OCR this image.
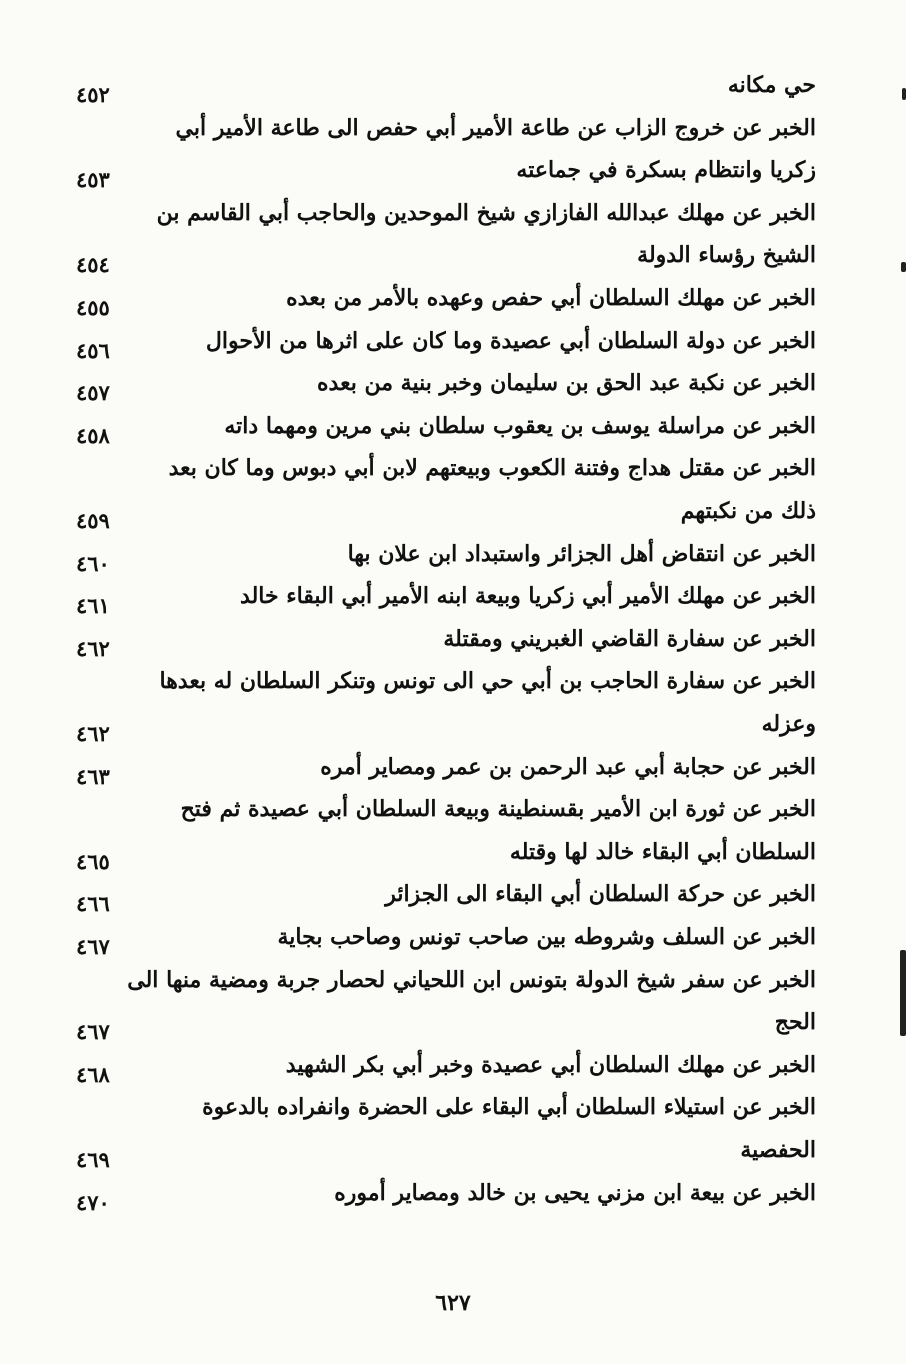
حي مكانه
٤٥٢
الخبر عن خروج الزاب عن طاعة الأمير أبي حفص الى طاعة الأمير أبي
زكريا وانتظام بسكرة في جماعته
٤٥٣
الخبر عن مهلك عبدالله الفازازي شيخ الموحدين والحاجب أبي القاسم بن
الشيخ رؤساء الدولة
٤٥٤
الخبر عن مهلك السلطان أبي حفص وعهده بالأمر من بعده
٤٥٥
الخبر عن دولة السلطان أبي عصيدة وما كان على اثرها من الأحوال
٤٥٦
الخبر عن نكبة عبد الحق بن سليمان وخبر بنية من بعده
٤٥٧
الخبر عن مراسلة يوسف بن يعقوب سلطان بني مرين ومهما داته
٤٥٨
الخبر عن مقتل هداج وفتنة الكعوب وبيعتهم لابن أبي دبوس وما كان بعد
ذلك من نكبتهم
٤٥٩
الخبر عن انتقاض أهل الجزائر واستبداد ابن علان بها
٤٦٠
الخبر عن مهلك الأمير أبي زكريا وبيعة ابنه الأمير أبي البقاء خالد
٤٦١
الخبر عن سفارة القاضي الغبريني ومقتلة
٤٦٢
الخبر عن سفارة الحاجب بن أبي حي الى تونس وتنكر السلطان له بعدها
وعزله
٤٦٢
الخبر عن حجابة أبي عبد الرحمن بن عمر ومصاير أمره
٤٦٣
الخبر عن ثورة ابن الأمير بقسنطينة وبيعة السلطان أبي عصيدة ثم فتح
السلطان أبي البقاء خالد لها وقتله
٤٦٥
الخبر عن حركة السلطان أبي البقاء الى الجزائر
٤٦٦
الخبر عن السلف وشروطه بين صاحب تونس وصاحب بجاية
٤٦٧
الخبر عن سفر شيخ الدولة بتونس ابن اللحياني لحصار جربة ومضية منها الى
الحج
٤٦٧
الخبر عن مهلك السلطان أبي عصيدة وخبر أبي بكر الشهيد
٤٦٨
الخبر عن استيلاء السلطان أبي البقاء على الحضرة وانفراده بالدعوة
الحفصية
٤٦٩
الخبر عن بيعة ابن مزني يحيى بن خالد ومصاير أموره
٤٧٠
٦٢٧
